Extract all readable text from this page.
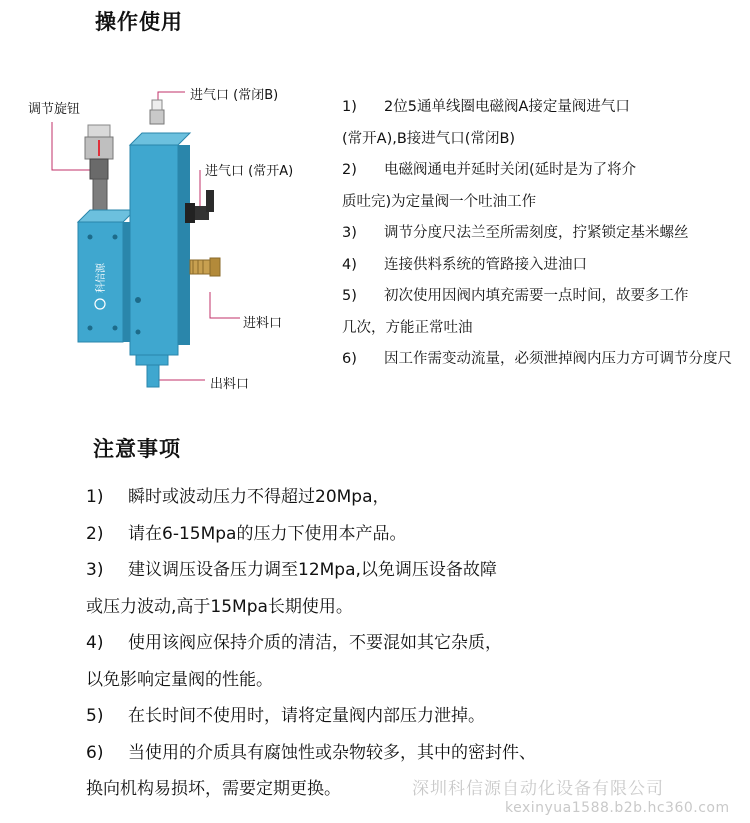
操作使用
科信源
调节旋钮
进气口 (常闭B)
进气口 (常开A)
进料口
出料口
1) 2位5通单线圈电磁阀A接定量阀进气口
(常开A),B接进气口(常闭B)
2) 电磁阀通电并延时关闭(延时是为了将介
质吐完)为定量阀一个吐油工作
3) 调节分度尺法兰至所需刻度，拧紧锁定基米螺丝
4) 连接供料系统的管路接入进油口
5) 初次使用因阀内填充需要一点时间，故要多工作
几次，方能正常吐油
6) 因工作需变动流量，必须泄掉阀内压力方可调节分度尺
注意事项
1) 瞬时或波动压力不得超过20Mpa，
2) 请在6-15Mpa的压力下使用本产品。
3) 建议调压设备压力调至12Mpa,以免调压设备故障
或压力波动,高于15Mpa长期使用。
4) 使用该阀应保持介质的清洁，不要混如其它杂质，
以免影响定量阀的性能。
5) 在长时间不使用时，请将定量阀内部压力泄掉。
6) 当使用的介质具有腐蚀性或杂物较多，其中的密封件、
换向机构易损坏，需要定期更换。	深圳科信源自动化设备有限公司
kexinyua1588.b2b.hc360.com
